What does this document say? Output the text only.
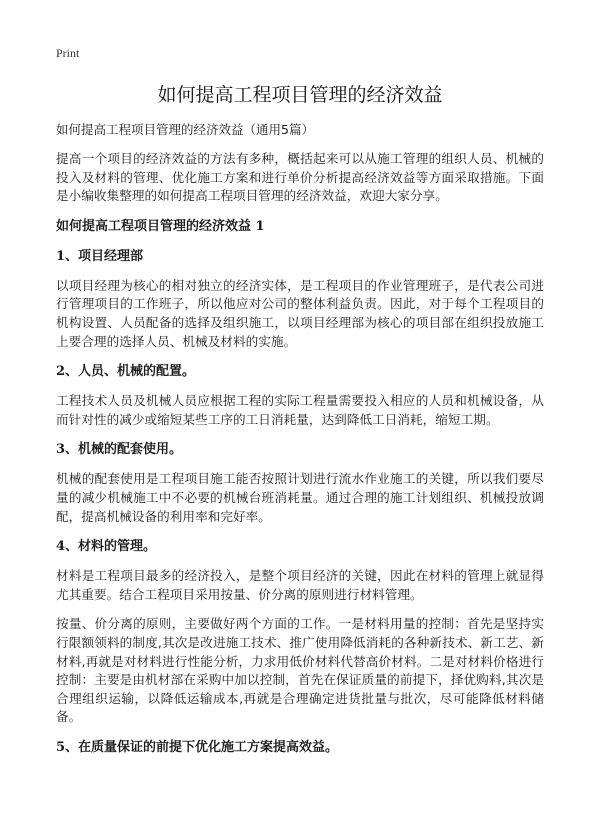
Print
如何提高工程项目管理的经济效益
如何提高工程项目管理的经济效益（通用5篇）

提高一个项目的经济效益的方法有多种，概括起来可以从施工管理的组织人员、机械的投入及材料的管理、优化施工方案和进行单价分析提高经济效益等方面采取措施。下面是小编收集整理的如何提高工程项目管理的经济效益，欢迎大家分享。

如何提高工程项目管理的经济效益 1
1、项目经理部

以项目经理为核心的相对独立的经济实体，是工程项目的作业管理班子，是代表公司进行管理项目的工作班子，所以他应对公司的整体利益负责。因此，对于每个工程项目的机构设置、人员配备的选择及组织施工，以项目经理部为核心的项目部在组织投放施工上要合理的选择人员、机械及材料的实施。

2、人员、机械的配置。

工程技术人员及机械人员应根据工程的实际工程量需要投入相应的人员和机械设备，从而针对性的减少或缩短某些工序的工日消耗量，达到降低工日消耗，缩短工期。

3、机械的配套使用。

机械的配套使用是工程项目施工能否按照计划进行流水作业施工的关键，所以我们要尽量的减少机械施工中不必要的机械台班消耗量。通过合理的施工计划组织、机械投放调配，提高机械设备的利用率和完好率。

4、材料的管理。

材料是工程项目最多的经济投入，是整个项目经济的关键，因此在材料的管理上就显得尤其重要。结合工程项目采用按量、价分离的原则进行材料管理。

按量、价分离的原则，主要做好两个方面的工作。一是材料用量的控制：首先是坚持实行限额领料的制度,其次是改进施工技术、推广使用降低消耗的各种新技术、新工艺、新材料,再就是对材料进行性能分析，力求用低价材料代替高价材料。二是对材料价格进行控制：主要是由机材部在采购中加以控制，首先在保证质量的前提下，择优购料,其次是合理组织运输，以降低运输成本,再就是合理确定进货批量与批次，尽可能降低材料储备。

5、在质量保证的前提下优化施工方案提高效益。
